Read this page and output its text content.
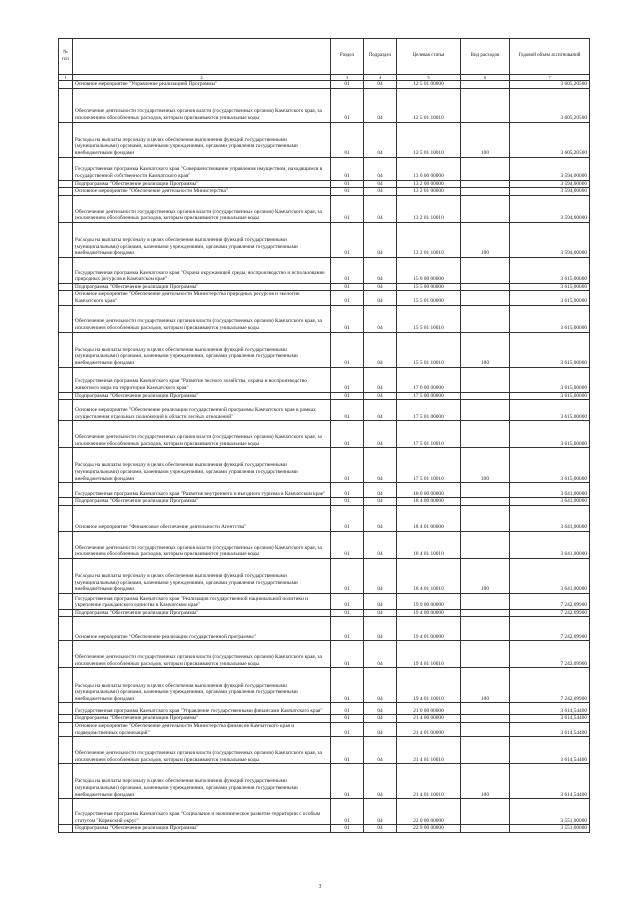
№ п/п		Раздел	Подраздел	Целевая статья	Вид расходов	Годовой объем ассигнований
1	2	3	4	5	6	7
	Основное мероприятие "Управление реализацией Программы"	01	04	12 5 01 00000		3 605,20500
	Обеспечение деятельности государственных органов власти (государственных органов) Камчатского края, за исключением обособленных расходов, которым присваиваются уникальные коды	01	04	12 5 01 10010		3 605,20500
	Расходы на выплаты персоналу в целях обеспечения выполнения функций государственными (муниципальными) органами, казенными учреждениями, органами управления государственными внебюджетными фондами	01	04	12 5 01 10010	100	3 605,20500
	Государственная программа Камчатского края "Совершенствование управления имуществом, находящимся в государственной собственности Камчатского края"	01	04	13 0 00 00000		3 594,00000
	Подпрограмма "Обеспечение реализации Программы"	01	04	13 2 00 00000		3 594,00000
	Основное мероприятие "Обеспечение деятельности Министерства"	01	04	13 2 01 00000		3 594,00000
	Обеспечение деятельности государственных органов власти (государственных органов) Камчатского края, за исключением обособленных расходов, которым присваиваются уникальные коды	01	04	13 2 01 10010		3 594,00000
	Расходы на выплаты персоналу в целях обеспечения выполнения функций государственными (муниципальными) органами, казенными учреждениями, органами управления государственными внебюджетными фондами	01	04	13 2 01 10010	100	3 594,00000
	Государственная программа Камчатского края "Охрана окружающей среды, воспроизводство и использование природных ресурсов в Камчатском крае"	01	04	15 0 00 00000		3 615,00000
	Подпрограмма "Обеспечение реализации Программы"	01	04	15 5 00 00000		3 615,00000
	Основное мероприятие "Обеспечение деятельности Министерства природных ресурсов и экологии Камчатского края"	01	04	15 5 01 00000		3 615,00000
	Обеспечение деятельности государственных органов власти (государственных органов) Камчатского края, за исключением обособленных расходов, которым присваиваются уникальные коды	01	04	15 5 01 10010		3 615,00000
	Расходы на выплаты персоналу в целях обеспечения выполнения функций государственными (муниципальными) органами, казенными учреждениями, органами управления государственными внебюджетными фондами	01	04	15 5 01 10010	100	3 615,00000
	Государственная программа Камчатского края "Развитие лесного хозяйства, охрана и воспроизводство животного мира на территории Камчатского края"	01	04	17 0 00 00000		3 615,00000
	Подпрограмма "Обеспечение реализации Программы"	01	04	17 5 00 00000		3 615,00000
	Основное мероприятие "Обеспечение реализации государственной программы Камчатского края в рамках осуществления отдельных полномочий в области лесных отношений"	01	04	17 5 01 00000		3 615,00000
	Обеспечение деятельности государственных органов власти (государственных органов) Камчатского края, за исключением обособленных расходов, которым присваиваются уникальные коды	01	04	17 5 01 10010		3 615,00000
	Расходы на выплаты персоналу в целях обеспечения выполнения функций государственными (муниципальными) органами, казенными учреждениями, органами управления государственными внебюджетными фондами	01	04	17 5 01 10010	100	3 615,00000
	Государственная программа Камчатского края "Развитие внутреннего и въездного туризма в Камчатском крае"	01	04	18 0 00 00000		3 641,00000
	Подпрограмма "Обеспечение реализации Программы"	01	04	18 4 00 00000		3 641,00000
	Основное мероприятие "Финансовое обеспечение деятельности Агентства"	01	04	18 4 01 00000		3 641,00000
	Обеспечение деятельности государственных органов власти (государственных органов) Камчатского края, за исключением обособленных расходов, которым присваиваются уникальные коды	01	04	18 4 01 10010		3 641,00000
	Расходы на выплаты персоналу в целях обеспечения выполнения функций государственными (муниципальными) органами, казенными учреждениями, органами управления государственными внебюджетными фондами	01	04	18 4 01 10010	100	3 641,00000
	Государственная программа Камчатского края "Реализация государственной национальной политики и укрепление гражданского единства в Камчатском крае"	01	04	19 0 00 00000		7 242,09900
	Подпрограмма "Обеспечение реализации Программы"	01	04	19 4 00 00000		7 242,09900
	Основное мероприятие "Обеспечение реализации государственной программы"	01	04	19 4 01 00000		7 242,09900
	Обеспечение деятельности государственных органов власти (государственных органов) Камчатского края, за исключением обособленных расходов, которым присваиваются уникальные коды	01	04	19 4 01 10010		7 242,09900
	Расходы на выплаты персоналу в целях обеспечения выполнения функций государственными (муниципальными) органами, казенными учреждениями, органами управления государственными внебюджетными фондами	01	04	19 4 01 10010	100	7 242,09900
	Государственная программа Камчатского края "Управление государственными финансами Камчатского края"	01	04	21 0 00 00000		3 614,54400
	Подпрограмма "Обеспечение реализации Программы"	01	04	21 4 00 00000		3 614,54400
	Основное мероприятие "Обеспечение деятельности Министерства финансов Камчатского края и подведомственных организаций"	01	04	21 4 01 00000		3 614,54400
	Обеспечение деятельности государственных органов власти (государственных органов) Камчатского края, за исключением обособленных расходов, которым присваиваются уникальные коды	01	04	21 4 01 10010		3 614,54400
	Расходы на выплаты персоналу в целях обеспечения выполнения функций государственными (муниципальными) органами, казенными учреждениями, органами управления государственными внебюджетными фондами	01	04	21 4 01 10010	100	3 614,54400
	Государственная программа Камчатского края "Социальное и экономическое развитие территории с особым статусом "Корякский округ"	01	04	22 0 00 00000		3 551,00000
	Подпрограмма "Обеспечение реализации Программы"	01	04	22 9 00 00000		3 551,00000
3
